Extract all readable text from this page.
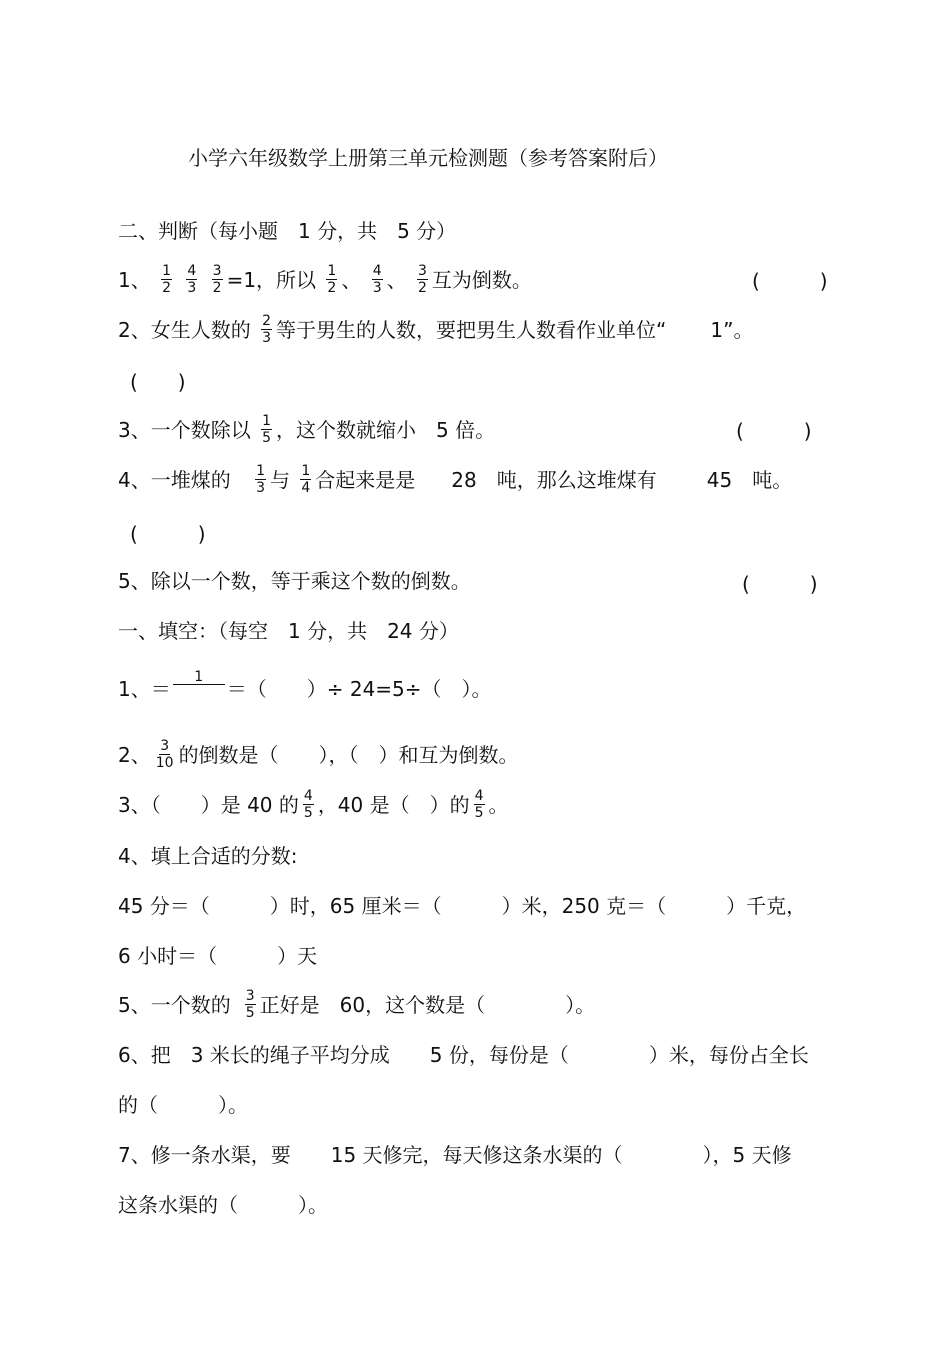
小学六年级数学上册第三单元检测题（参考答案附后）
二、判断（每小题　1 分，共　5 分）
1、 $\frac{1}{2}$
$\frac{4}{3}$
$\frac{3}{2} =1$，所以 $\frac{1}{2}$ 、 $\frac{4}{3}$ 、 $\frac{3}{2}$ 互为倒数。	(　　　)
2、女生人数的 $\frac{2}{3}$ 等于男生的人数，要把男生人数看作业单位“ 1”。
(　　)
3、一个数除以 $\frac{1}{5}$ ，这个数就缩小　5 倍。	(　　　)
4、一堆煤的 $\frac{1}{3}$ 与 $\frac{1}{4}$ 合起来是是 28　吨，那么这堆煤有	45　吨。
(　　　)
5、除以一个数，等于乘这个数的倒数。	(　　　)
一、填空：（每空　1 分，共　24 分）
1、＝	1
	＝（　　）÷ 24=5÷（　）。
2、 $\frac{3}{10}$ 的倒数是（　　），（　）和互为倒数。
3、（　　）是 40 的 $\frac{4}{5}$ ，40 是（　）的 $\frac{4}{5}$ 。
4、填上合适的分数:
45 分＝（　　　）时，65 厘米＝（　　　）米，250 克＝（　　　）千克，
6 小时＝（　　　）天
5、一个数的 $\frac{3}{5}$ 正好是　60，这个数是（　　　　）。
6、把　3 米长的绳子平均分成　　5 份，每份是（　　　　）米，每份占全长
的（　　　）。
7、修一条水渠，要　　15 天修完，每天修这条水渠的（　　　　），5 天修
这条水渠的（　　　）。
